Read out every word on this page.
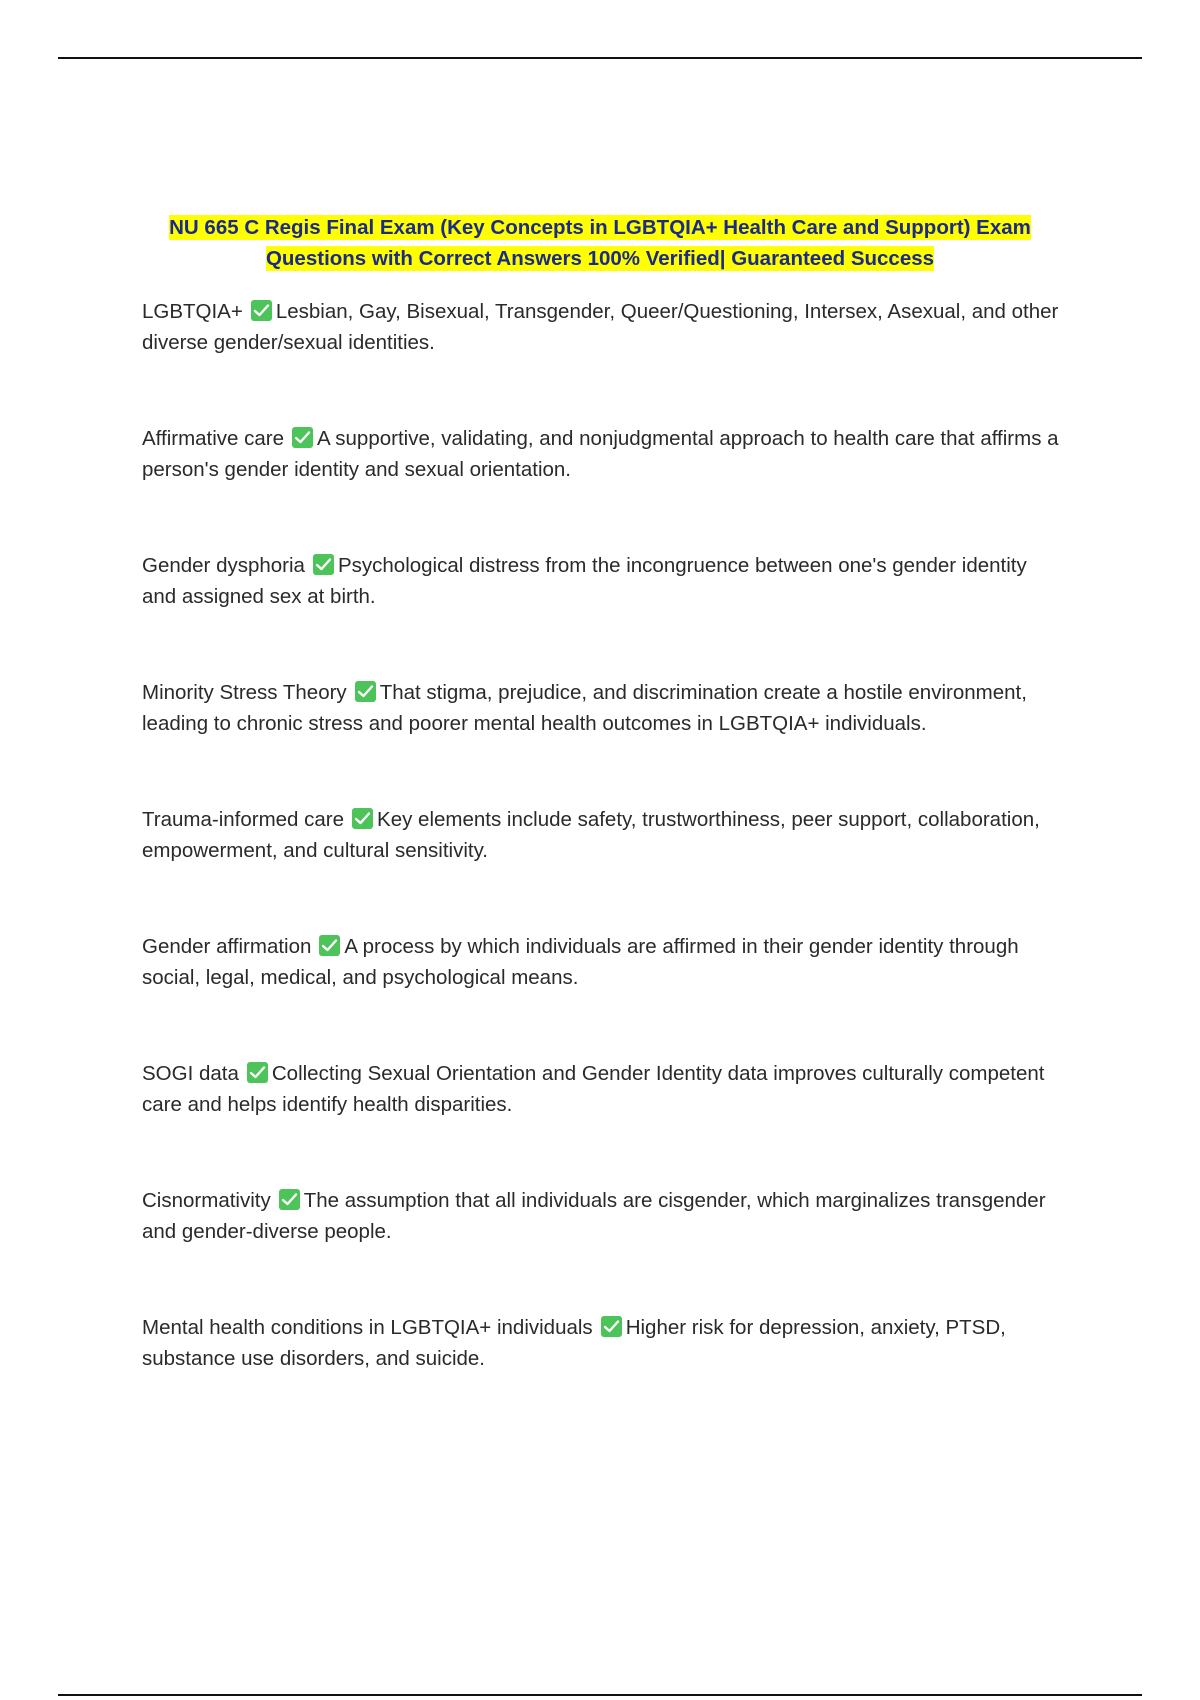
NU 665 C Regis Final Exam (Key Concepts in LGBTQIA+ Health Care and Support) Exam
Questions with Correct Answers 100% Verified| Guaranteed Success
LGBTQIA+ Lesbian, Gay, Bisexual, Transgender, Queer/Questioning, Intersex, Asexual, and other diverse gender/sexual identities.
Affirmative care A supportive, validating, and nonjudgmental approach to health care that affirms a person's gender identity and sexual orientation.
Gender dysphoria Psychological distress from the incongruence between one's gender identity and assigned sex at birth.
Minority Stress Theory That stigma, prejudice, and discrimination create a hostile environment, leading to chronic stress and poorer mental health outcomes in LGBTQIA+ individuals.
Trauma-informed care Key elements include safety, trustworthiness, peer support, collaboration, empowerment, and cultural sensitivity.
Gender affirmation A process by which individuals are affirmed in their gender identity through social, legal, medical, and psychological means.
SOGI data Collecting Sexual Orientation and Gender Identity data improves culturally competent care and helps identify health disparities.
Cisnormativity The assumption that all individuals are cisgender, which marginalizes transgender and gender-diverse people.
Mental health conditions in LGBTQIA+ individuals Higher risk for depression, anxiety, PTSD, substance use disorders, and suicide.
